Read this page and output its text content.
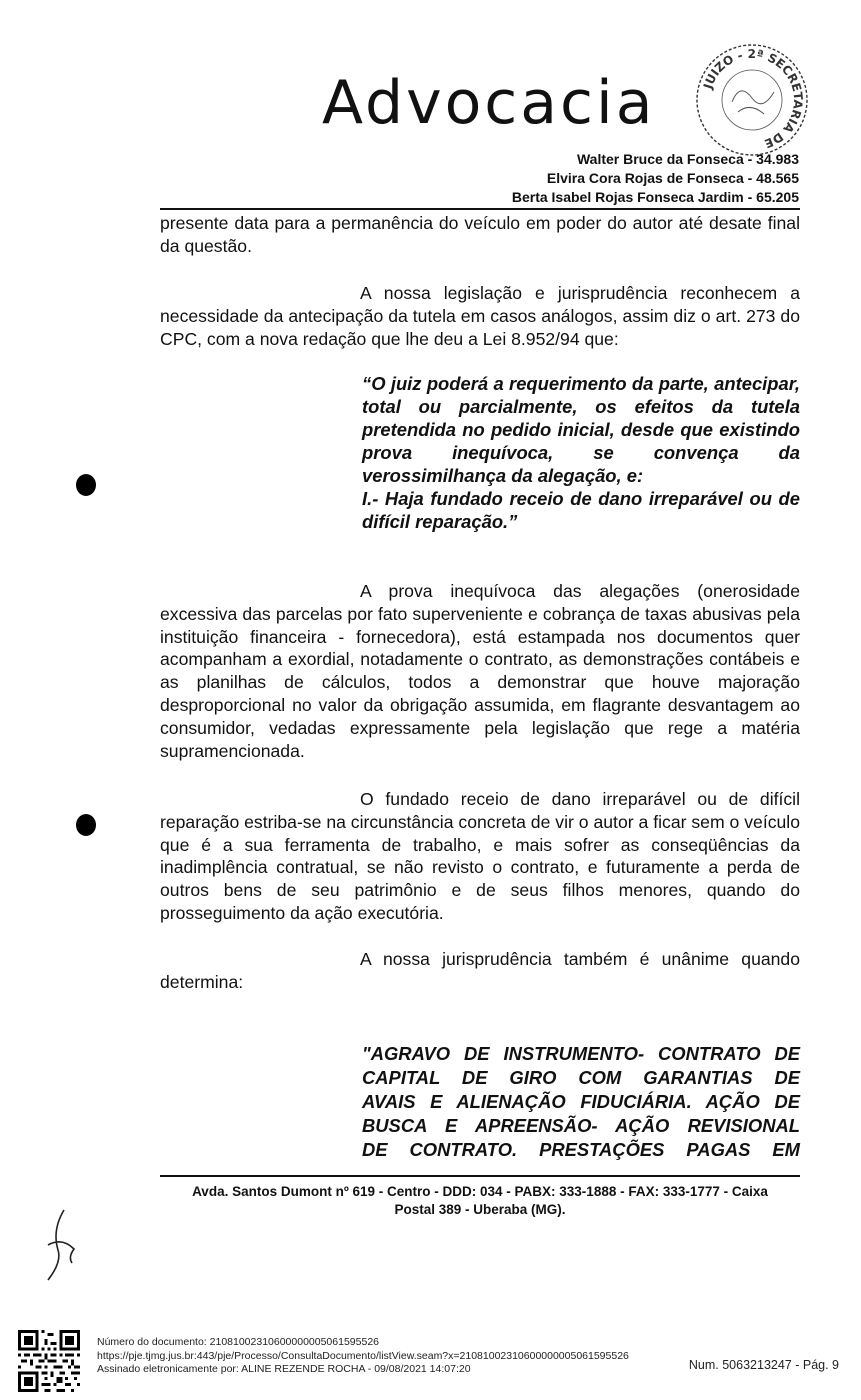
Advocacia	JUIZO - 2ª SECRETARIA DE
Walter Bruce da Fonseca - 34.983
Elvira Cora Rojas de Fonseca - 48.565
Berta Isabel Rojas Fonseca Jardim - 65.205

presente data para a permanência do veículo em poder do autor até desate final da questão.

A nossa legislação e jurisprudência reconhecem a necessidade da antecipação da tutela em casos análogos, assim diz o art. 273 do CPC, com a nova redação que lhe deu a Lei 8.952/94 que:

“O juiz poderá a requerimento da parte, antecipar, total ou parcialmente, os efeitos da tutela pretendida no pedido inicial, desde que existindo prova inequívoca, se convença da verossimilhança da alegação, e:
I.- Haja fundado receio de dano irreparável ou de difícil reparação.”

A prova inequívoca das alegações (onerosidade excessiva das parcelas por fato superveniente e cobrança de taxas abusivas pela instituição financeira - fornecedora), está estampada nos documentos quer acompanham a exordial, notadamente o contrato, as demonstrações contábeis e as planilhas de cálculos, todos a demonstrar que houve majoração desproporcional no valor da obrigação assumida, em flagrante desvantagem ao consumidor, vedadas expressamente pela legislação que rege a matéria supramencionada.

O fundado receio de dano irreparável ou de difícil reparação estriba-se na circunstância concreta de vir o autor a ficar sem o veículo que é a sua ferramenta de trabalho, e mais sofrer as conseqüências da inadimplência contratual, se não revisto o contrato, e futuramente a perda de outros bens de seu patrimônio e de seus filhos menores, quando do prosseguimento da ação executória.

A nossa jurisprudência também é unânime quando determina:

"AGRAVO DE INSTRUMENTO- CONTRATO DE
CAPITAL DE GIRO COM GARANTIAS DE
AVAIS E ALIENAÇÃO FIDUCIÁRIA. AÇÃO DE
BUSCA E APREENSÃO- AÇÃO REVISIONAL
DE CONTRATO. PRESTAÇÕES PAGAS EM
Avda. Santos Dumont nº 619 - Centro - DDD: 034 - PABX: 333-1888 - FAX: 333-1777 - Caixa
Postal 389 - Uberaba (MG).
Número do documento: 21081002310600000005061595526
https://pje.tjmg.jus.br:443/pje/Processo/ConsultaDocumento/listView.seam?x=21081002310600000005061595526
Assinado eletronicamente por: ALINE REZENDE ROCHA - 09/08/2021 14:07:20	Num. 5063213247 - Pág. 9
